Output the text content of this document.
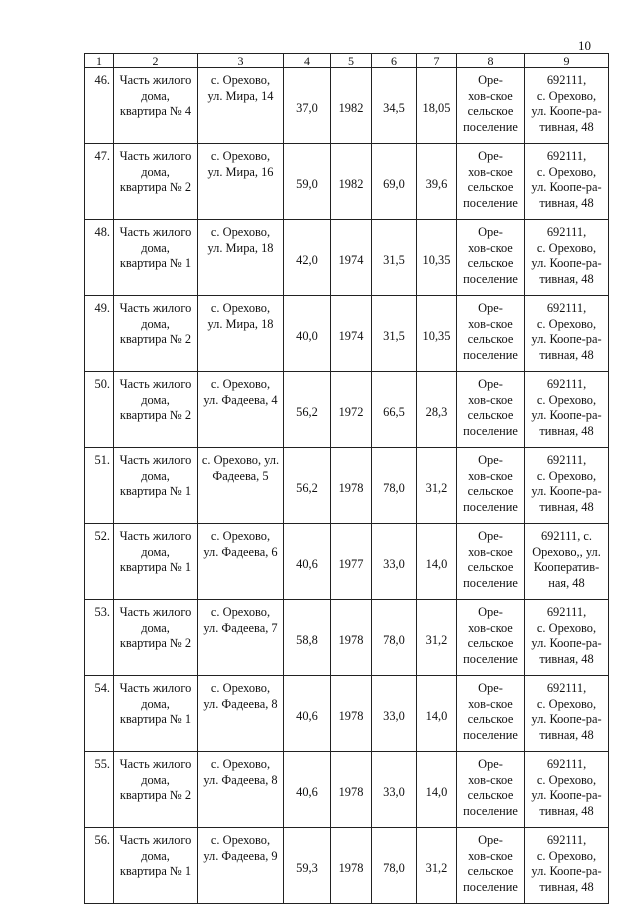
10
1	2	3	4	5	6	7	8	9

46.	Часть жилого
дома,
квартира № 4	с. Орехово,
ул. Мира, 14	37,0	1982	34,5	18,05	Оре-
хов-ское
сельское
поселение	692111,
с. Орехово,
ул. Коопе-ра-
тивная, 48

47.	Часть жилого
дома,
квартира № 2	с. Орехово,
ул. Мира, 16	59,0	1982	69,0	39,6	Оре-
хов-ское
сельское
поселение	692111,
с. Орехово,
ул. Коопе-ра-
тивная, 48

48.	Часть жилого
дома,
квартира № 1	с. Орехово,
ул. Мира, 18	42,0	1974	31,5	10,35	Оре-
хов-ское
сельское
поселение	692111,
с. Орехово,
ул. Коопе-ра-
тивная, 48

49.	Часть жилого
дома,
квартира № 2	с. Орехово,
ул. Мира, 18	40,0	1974	31,5	10,35	Оре-
хов-ское
сельское
поселение	692111,
с. Орехово,
ул. Коопе-ра-
тивная, 48

50.	Часть жилого
дома,
квартира № 2	с. Орехово,
ул. Фадеева, 4	56,2	1972	66,5	28,3	Оре-
хов-ское
сельское
поселение	692111,
с. Орехово,
ул. Коопе-ра-
тивная, 48

51.	Часть жилого
дома,
квартира № 1	с. Орехово, ул.
Фадеева, 5	56,2	1978	78,0	31,2	Оре-
хов-ское
сельское
поселение	692111,
с. Орехово,
ул. Коопе-ра-
тивная, 48

52.	Часть жилого
дома,
квартира № 1	с. Орехово,
ул. Фадеева, 6	40,6	1977	33,0	14,0	Оре-
хов-ское
сельское
поселение	692111, с.
Орехово,, ул.
Кооператив-
ная, 48

53.	Часть жилого
дома,
квартира № 2	с. Орехово,
ул. Фадеева, 7	58,8	1978	78,0	31,2	Оре-
хов-ское
сельское
поселение	692111,
с. Орехово,
ул. Коопе-ра-
тивная, 48

54.	Часть жилого
дома,
квартира № 1	с. Орехово,
ул. Фадеева, 8	40,6	1978	33,0	14,0	Оре-
хов-ское
сельское
поселение	692111,
с. Орехово,
ул. Коопе-ра-
тивная, 48

55.	Часть жилого
дома,
квартира № 2	с. Орехово,
ул. Фадеева, 8	40,6	1978	33,0	14,0	Оре-
хов-ское
сельское
поселение	692111,
с. Орехово,
ул. Коопе-ра-
тивная, 48

56.	Часть жилого
дома,
квартира № 1	с. Орехово,
ул. Фадеева, 9	59,3	1978	78,0	31,2	Оре-
хов-ское
сельское
поселение	692111,
с. Орехово,
ул. Коопе-ра-
тивная, 48
